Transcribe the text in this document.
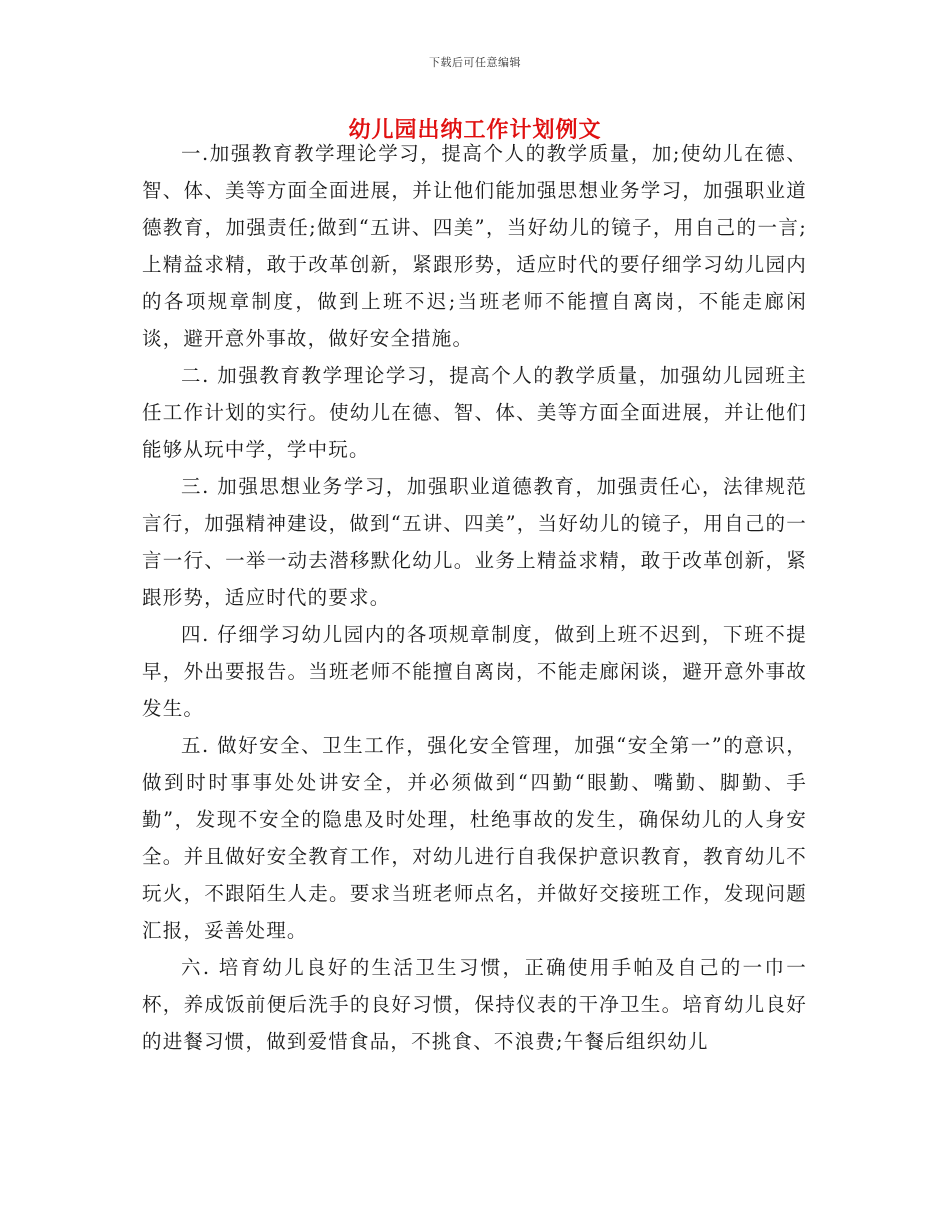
下载后可任意编辑
幼儿园出纳工作计划例文

一.加强教育教学理论学习，提高个人的教学质量，加;使幼儿在德、智、体、美等方面全面进展，并让他们能加强思想业务学习，加强职业道德教育，加强责任;做到“五讲、四美”，当好幼儿的镜子，用自己的一言;上精益求精，敢于改革创新，紧跟形势，适应时代的要仔细学习幼儿园内的各项规章制度，做到上班不迟;当班老师不能擅自离岗，不能走廊闲谈，避开意外事故，做好安全措施。

二. 加强教育教学理论学习，提高个人的教学质量，加强幼儿园班主任工作计划的实行。使幼儿在德、智、体、美等方面全面进展，并让他们能够从玩中学，学中玩。

三. 加强思想业务学习，加强职业道德教育，加强责任心，法律规范言行，加强精神建设，做到“五讲、四美”，当好幼儿的镜子，用自己的一言一行、一举一动去潜移默化幼儿。业务上精益求精，敢于改革创新，紧跟形势，适应时代的要求。

四. 仔细学习幼儿园内的各项规章制度，做到上班不迟到，下班不提早，外出要报告。当班老师不能擅自离岗，不能走廊闲谈，避开意外事故发生。

五. 做好安全、卫生工作，强化安全管理，加强“安全第一”的意识，做到时时事事处处讲安全，并必须做到“四勤“眼勤、嘴勤、脚勤、手勤”，发现不安全的隐患及时处理，杜绝事故的发生，确保幼儿的人身安全。并且做好安全教育工作，对幼儿进行自我保护意识教育，教育幼儿不玩火，不跟陌生人走。要求当班老师点名，并做好交接班工作，发现问题汇报，妥善处理。

六. 培育幼儿良好的生活卫生习惯，正确使用手帕及自己的一巾一杯，养成饭前便后洗手的良好习惯，保持仪表的干净卫生。培育幼儿良好的进餐习惯，做到爱惜食品，不挑食、不浪费;午餐后组织幼儿
